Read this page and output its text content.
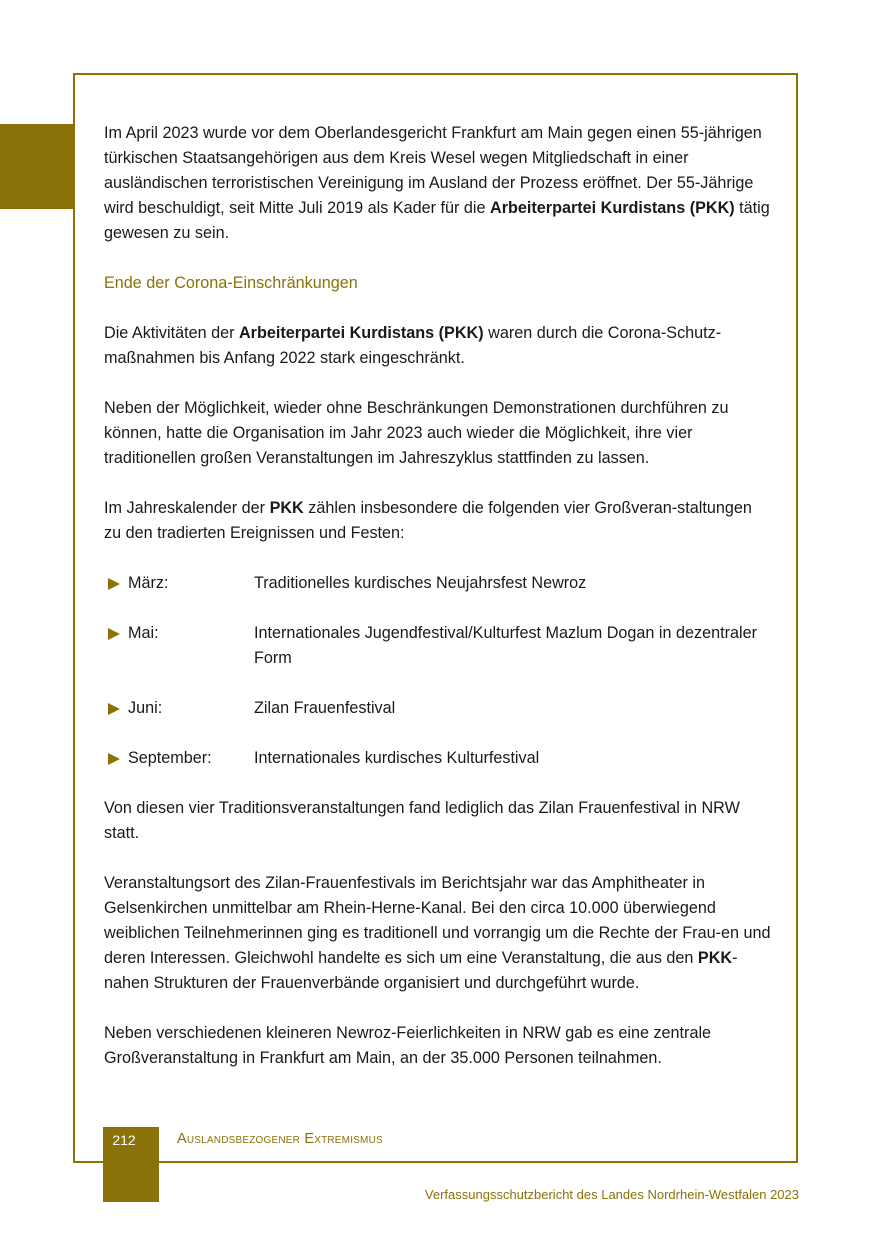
Im April 2023 wurde vor dem Oberlandesgericht Frankfurt am Main gegen einen 55-jährigen türkischen Staatsangehörigen aus dem Kreis Wesel wegen Mitgliedschaft in einer ausländischen terroristischen Vereinigung im Ausland der Prozess eröffnet. Der 55-Jährige wird beschuldigt, seit Mitte Juli 2019 als Kader für die Arbeiterpartei Kurdistans (PKK) tätig gewesen zu sein.

Ende der Corona-Einschränkungen

Die Aktivitäten der Arbeiterpartei Kurdistans (PKK) waren durch die Corona-Schutz-maßnahmen bis Anfang 2022 stark eingeschränkt.

Neben der Möglichkeit, wieder ohne Beschränkungen Demonstrationen durchführen zu können, hatte die Organisation im Jahr 2023 auch wieder die Möglichkeit, ihre vier traditionellen großen Veranstaltungen im Jahreszyklus stattfinden zu lassen.

Im Jahreskalender der PKK zählen insbesondere die folgenden vier Großveran-staltungen zu den tradierten Ereignissen und Festen:

März:	Traditionelles kurdisches Neujahrsfest Newroz
Mai:	Internationales Jugendfestival/Kulturfest Mazlum Dogan in dezentraler Form
Juni:	Zilan Frauenfestival
September:	Internationales kurdisches Kulturfestival

Von diesen vier Traditionsveranstaltungen fand lediglich das Zilan Frauenfestival in NRW statt.

Veranstaltungsort des Zilan-Frauenfestivals im Berichtsjahr war das Amphitheater in Gelsenkirchen unmittelbar am Rhein-Herne-Kanal. Bei den circa 10.000 überwiegend weiblichen Teilnehmerinnen ging es traditionell und vorrangig um die Rechte der Frau-en und deren Interessen. Gleichwohl handelte es sich um eine Veranstaltung, die aus den PKK-nahen Strukturen der Frauenverbände organisiert und durchgeführt wurde.

Neben verschiedenen kleineren Newroz-Feierlichkeiten in NRW gab es eine zentrale Großveranstaltung in Frankfurt am Main, an der 35.000 Personen teilnahmen.

212	Auslandsbezogener Extremismus
Verfassungsschutzbericht des Landes Nordrhein-Westfalen 2023
